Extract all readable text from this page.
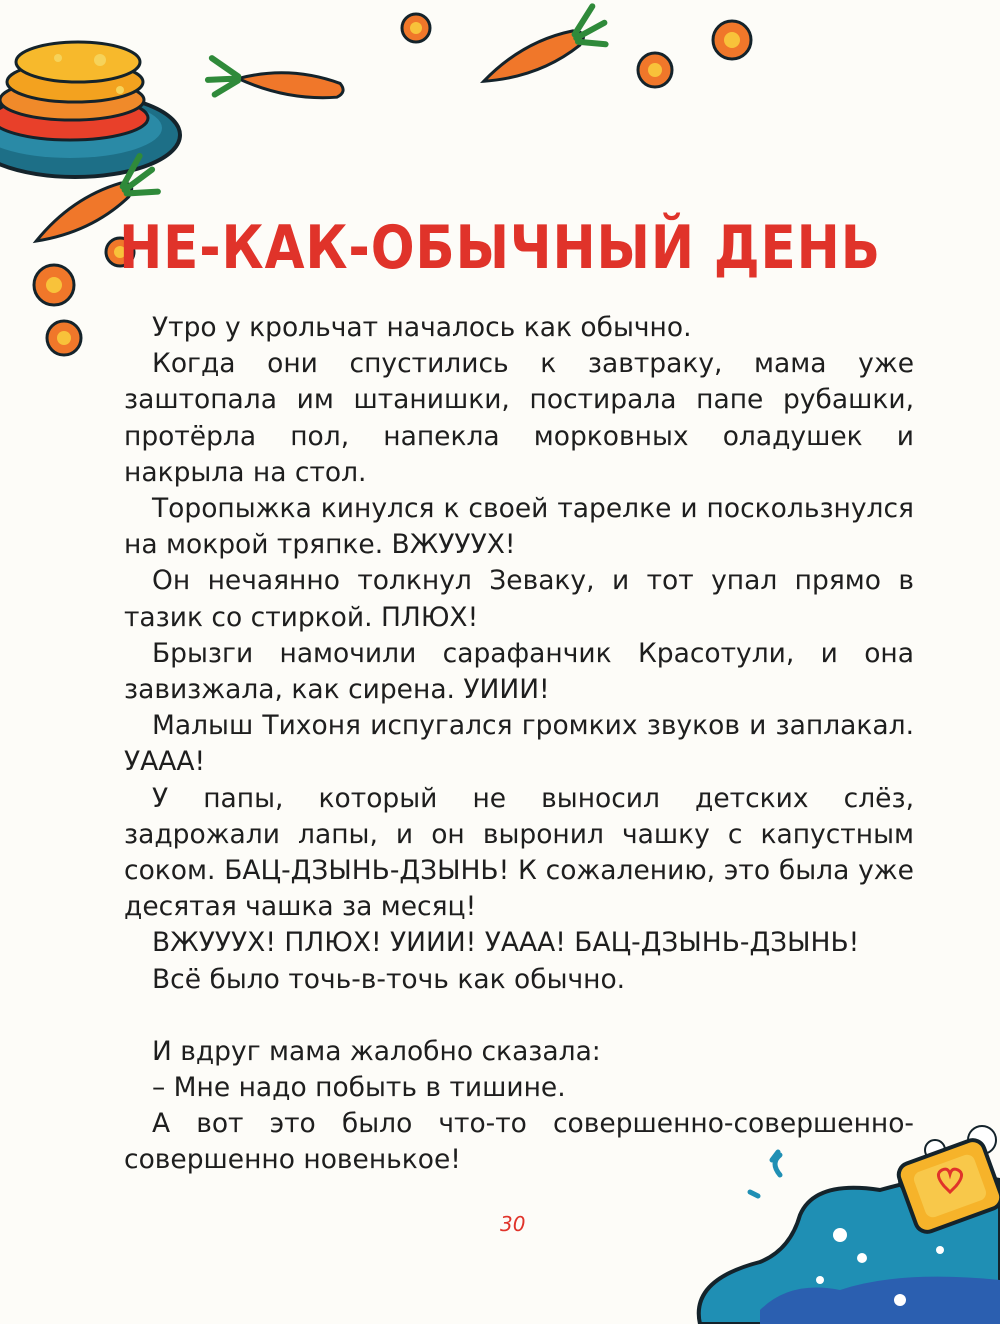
НЕ-КАК-ОБЫЧНЫЙ ДЕНЬ

Утро у крольчат началось как обычно.

Когда они спустились к завтраку, мама уже заштопала им штанишки, постирала папе рубашки, протёрла пол, напекла морковных оладушек и накрыла на стол.

Торопыжка кинулся к своей тарелке и поскользнулся на мокрой тряпке. ВЖУУУХ!

Он нечаянно толкнул Зеваку, и тот упал прямо в тазик со стиркой. ПЛЮХ!

Брызги намочили сарафанчик Красотули, и она завизжала, как сирена. УИИИ!

Малыш Тихоня испугался громких звуков и заплакал. УААА!

У папы, который не выносил детских слёз, задрожали лапы, и он выронил чашку с капустным соком. БАЦ-ДЗЫНЬ-ДЗЫНЬ! К сожалению, это была уже десятая чашка за месяц!

ВЖУУУХ! ПЛЮХ! УИИИ! УААА! БАЦ-ДЗЫНЬ-ДЗЫНЬ!

Всё было точь-в-точь как обычно.

И вдруг мама жалобно сказала:

– Мне надо побыть в тишине.

А вот это было что-то совершенно-совершенно-совершенно новенькое!

30
